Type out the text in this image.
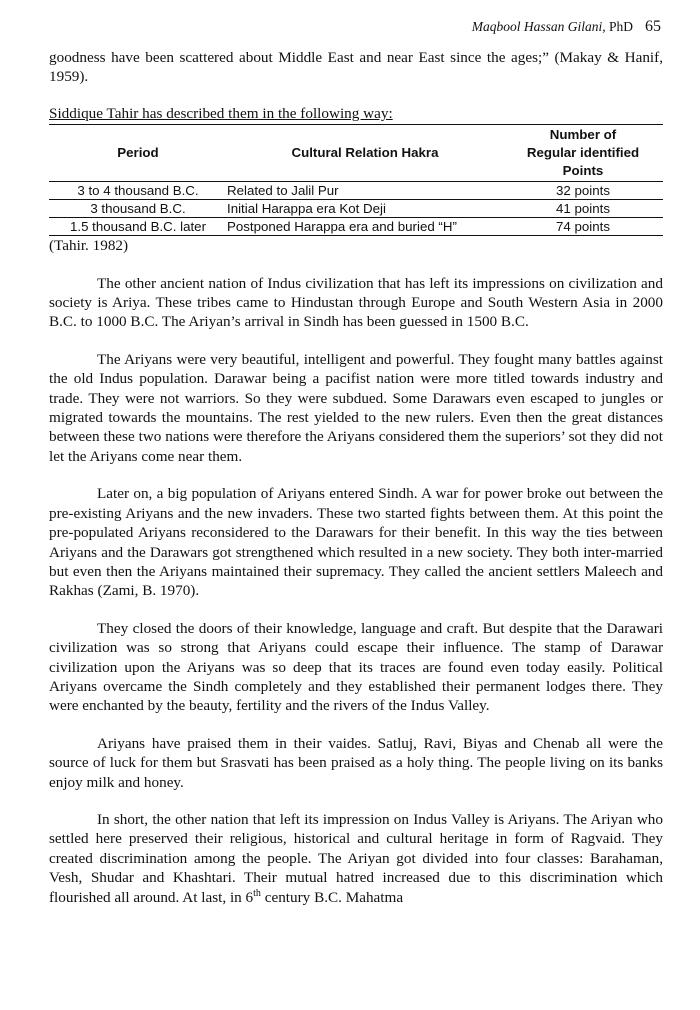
Maqbool Hassan Gilani, PhD 65

goodness have been scattered about Middle East and near East since the ages;” (Makay & Hanif, 1959).

Siddique Tahir has described them in the following way:

Period	Cultural Relation Hakra	Number of
Regular identified
Points
3 to 4 thousand B.C.	Related to Jalil Pur	32 points
3 thousand B.C.	Initial Harappa era Kot Deji	41 points
1.5 thousand B.C. later	Postponed Harappa era and buried “H”	74 points

(Tahir. 1982)

The other ancient nation of Indus civilization that has left its impressions on civilization and society is Ariya. These tribes came to Hindustan through Europe and South Western Asia in 2000 B.C. to 1000 B.C. The Ariyan’s arrival in Sindh has been guessed in 1500 B.C.

The Ariyans were very beautiful, intelligent and powerful. They fought many battles against the old Indus population. Darawar being a pacifist nation were more titled towards industry and trade. They were not warriors. So they were subdued. Some Darawars even escaped to jungles or migrated towards the mountains. The rest yielded to the new rulers. Even then the great distances between these two nations were therefore the Ariyans considered them the superiors’ sot they did not let the Ariyans come near them.

Later on, a big population of Ariyans entered Sindh. A war for power broke out between the pre-existing Ariyans and the new invaders. These two started fights between them. At this point the pre-populated Ariyans reconsidered to the Darawars for their benefit. In this way the ties between Ariyans and the Darawars got strengthened which resulted in a new society. They both inter-married but even then the Ariyans maintained their supremacy. They called the ancient settlers Maleech and Rakhas (Zami, B. 1970).

They closed the doors of their knowledge, language and craft. But despite that the Darawari civilization was so strong that Ariyans could escape their influence. The stamp of Darawar civilization upon the Ariyans was so deep that its traces are found even today easily. Political Ariyans overcame the Sindh completely and they established their permanent lodges there. They were enchanted by the beauty, fertility and the rivers of the Indus Valley.

Ariyans have praised them in their vaides. Satluj, Ravi, Biyas and Chenab all were the source of luck for them but Srasvati has been praised as a holy thing. The people living on its banks enjoy milk and honey.

In short, the other nation that left its impression on Indus Valley is Ariyans. The Ariyan who settled here preserved their religious, historical and cultural heritage in form of Ragvaid. They created discrimination among the people. The Ariyan got divided into four classes: Barahaman, Vesh, Shudar and Khashtari. Their mutual hatred increased due to this discrimination which flourished all around. At last, in 6th century B.C. Mahatma
